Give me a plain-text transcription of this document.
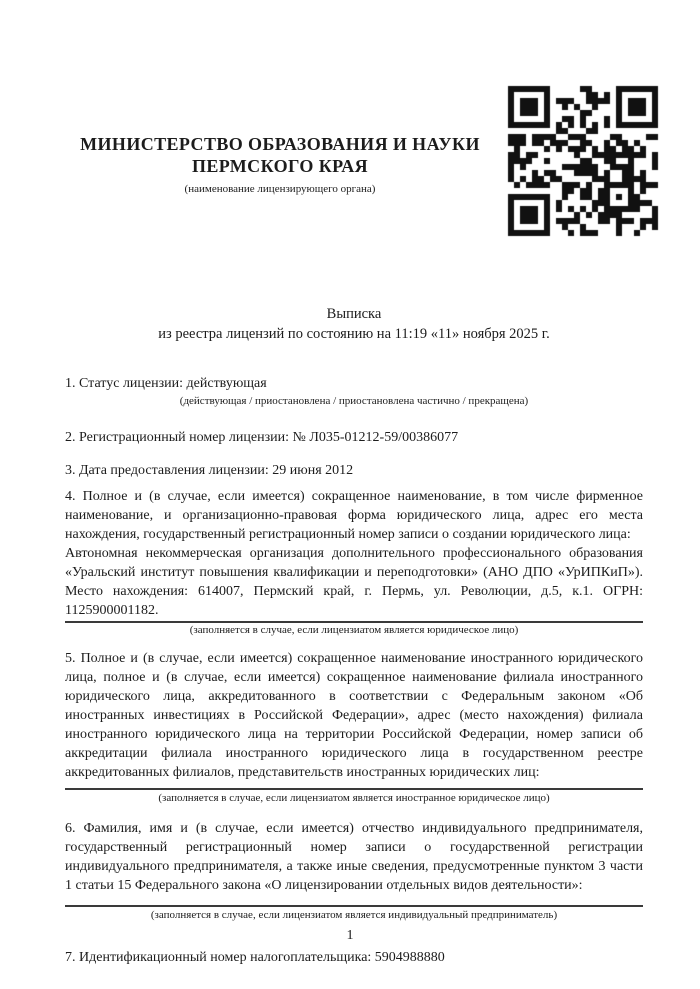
МИНИСТЕРСТВО ОБРАЗОВАНИЯ И НАУКИ
ПЕРМСКОГО КРАЯ
(наименование лицензирующего органа)
Выписка
из реестра лицензий по состоянию на 11:19 «11» ноября 2025 г.
1. Статус лицензии: действующая
(действующая / приостановлена / приостановлена частично / прекращена)
2. Регистрационный номер лицензии: № Л035-01212-59/00386077
3. Дата предоставления лицензии: 29 июня 2012

4. Полное и (в случае, если имеется) сокращенное наименование, в том числе фирменное наименование, и организационно-правовая форма юридического лица, адрес его места нахождения, государственный регистрационный номер записи о создании юридического лица:
Автономная некоммерческая организация дополнительного профессионального образования «Уральский институт повышения квалификации и переподготовки» (АНО ДПО «УрИПКиП»). Место нахождения: 614007, Пермский край, г. Пермь, ул. Революции, д.5, к.1. ОГРН: 1125900001182.

(заполняется в случае, если лицензиатом является юридическое лицо)

5. Полное и (в случае, если имеется) сокращенное наименование иностранного юридического лица, полное и (в случае, если имеется) сокращенное наименование филиала иностранного юридического лица, аккредитованного в соответствии с Федеральным законом «Об иностранных инвестициях в Российской Федерации», адрес (место нахождения) филиала иностранного юридического лица на территории Российской Федерации, номер записи об аккредитации филиала иностранного юридического лица в государственном реестре аккредитованных филиалов, представительств иностранных юридических лиц:

(заполняется в случае, если лицензиатом является иностранное юридическое лицо)

6. Фамилия, имя и (в случае, если имеется) отчество индивидуального предпринимателя, государственный регистрационный номер записи о государственной регистрации индивидуального предпринимателя, а также иные сведения, предусмотренные пунктом 3 части 1 статьи 15 Федерального закона «О лицензировании отдельных видов деятельности»:

(заполняется в случае, если лицензиатом является индивидуальный предприниматель)
7. Идентификационный номер налогоплательщика: 5904988880
1
